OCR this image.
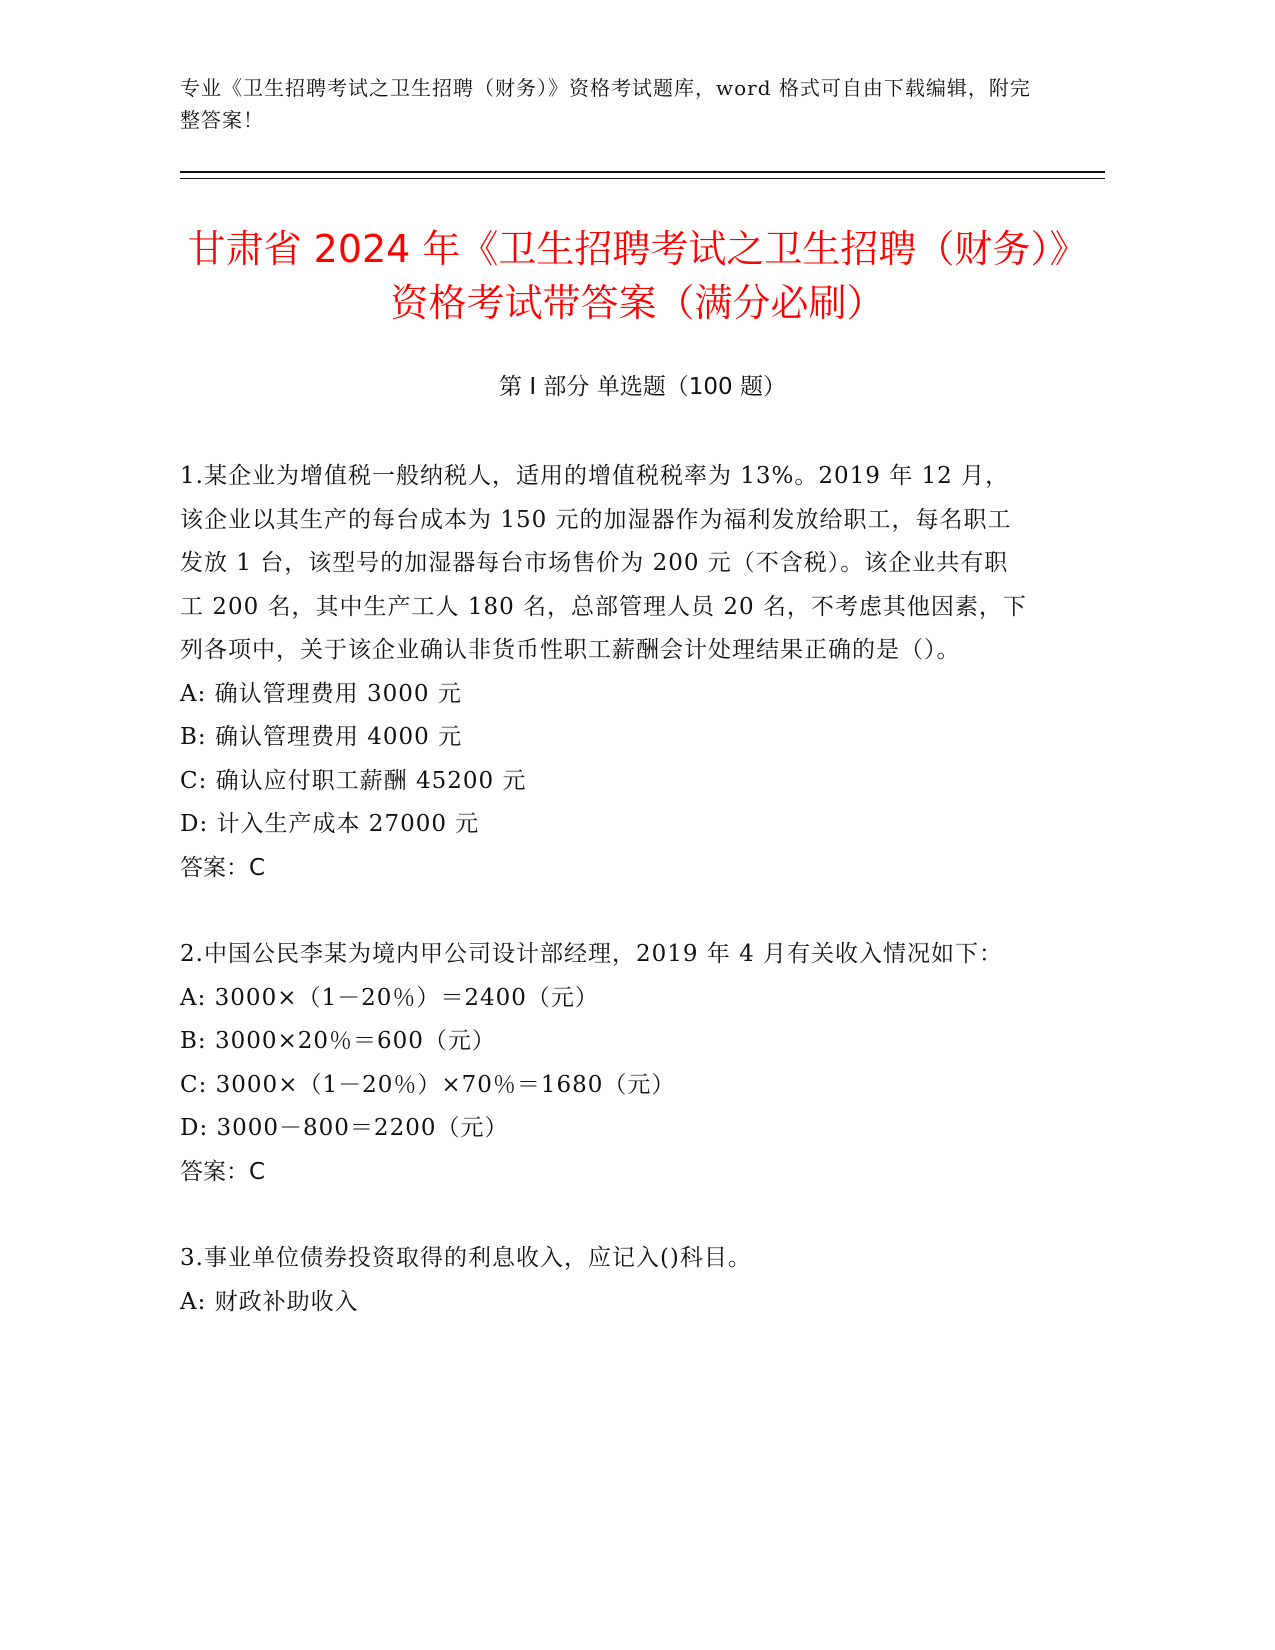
专业《卫生招聘考试之卫生招聘（财务）》资格考试题库，word 格式可自由下载编辑，附完整答案！
甘肃省 2024 年《卫生招聘考试之卫生招聘（财务）》资格考试带答案（满分必刷）
第 I 部分 单选题（100 题）

1.某企业为增值税一般纳税人，适用的增值税税率为 13%。2019 年 12 月，该企业以其生产的每台成本为 150 元的加湿器作为福利发放给职工，每名职工发放 1 台，该型号的加湿器每台市场售价为 200 元（不含税）。该企业共有职工 200 名，其中生产工人 180 名，总部管理人员 20 名，不考虑其他因素，下列各项中，关于该企业确认非货币性职工薪酬会计处理结果正确的是（）。

A: 确认管理费用 3000 元

B: 确认管理费用 4000 元

C: 确认应付职工薪酬 45200 元

D: 计入生产成本 27000 元

答案：C

2.中国公民李某为境内甲公司设计部经理，2019 年 4 月有关收入情况如下：

A: 3000×（1－20％）＝2400（元）

B: 3000×20％＝600（元）

C: 3000×（1－20％）×70％＝1680（元）

D: 3000－800＝2200（元）

答案：C

3.事业单位债券投资取得的利息收入，应记入()科目。

A: 财政补助收入
